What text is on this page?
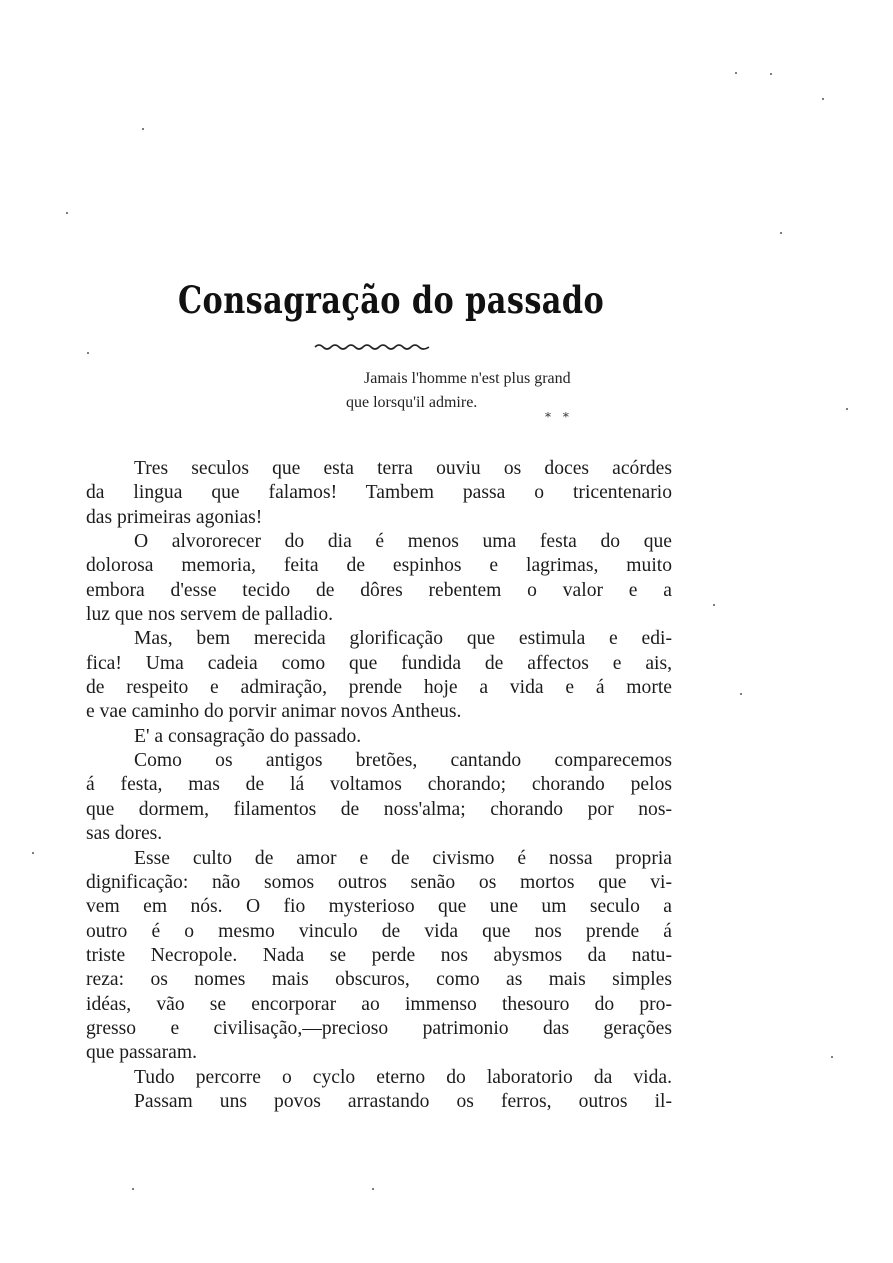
Consagração do passado
Jamais l'homme n'est plus grand
que lorsqu'il admire.
* *
Tres seculos que esta terra ouviu os doces acórdes
da lingua que falamos! Tambem passa o tricentenario
das primeiras agonias!
O alvororecer do dia é menos uma festa do que
dolorosa memoria, feita de espinhos e lagrimas, muito
embora d'esse tecido de dôres rebentem o valor e a
luz que nos servem de palladio.
Mas, bem merecida glorificação que estimula e edi-
fica! Uma cadeia como que fundida de affectos e ais,
de respeito e admiração, prende hoje a vida e á morte
e vae caminho do porvir animar novos Antheus.
E' a consagração do passado.
Como os antigos bretões, cantando comparecemos
á festa, mas de lá voltamos chorando; chorando pelos
que dormem, filamentos de noss'alma; chorando por nos-
sas dores.
Esse culto de amor e de civismo é nossa propria
dignificação: não somos outros senão os mortos que vi-
vem em nós. O fio mysterioso que une um seculo a
outro é o mesmo vinculo de vida que nos prende á
triste Necropole. Nada se perde nos abysmos da natu-
reza: os nomes mais obscuros, como as mais simples
idéas, vão se encorporar ao immenso thesouro do pro-
gresso e civilisação,—precioso patrimonio das gerações
que passaram.
Tudo percorre o cyclo eterno do laboratorio da vida.
Passam uns povos arrastando os ferros, outros il-
